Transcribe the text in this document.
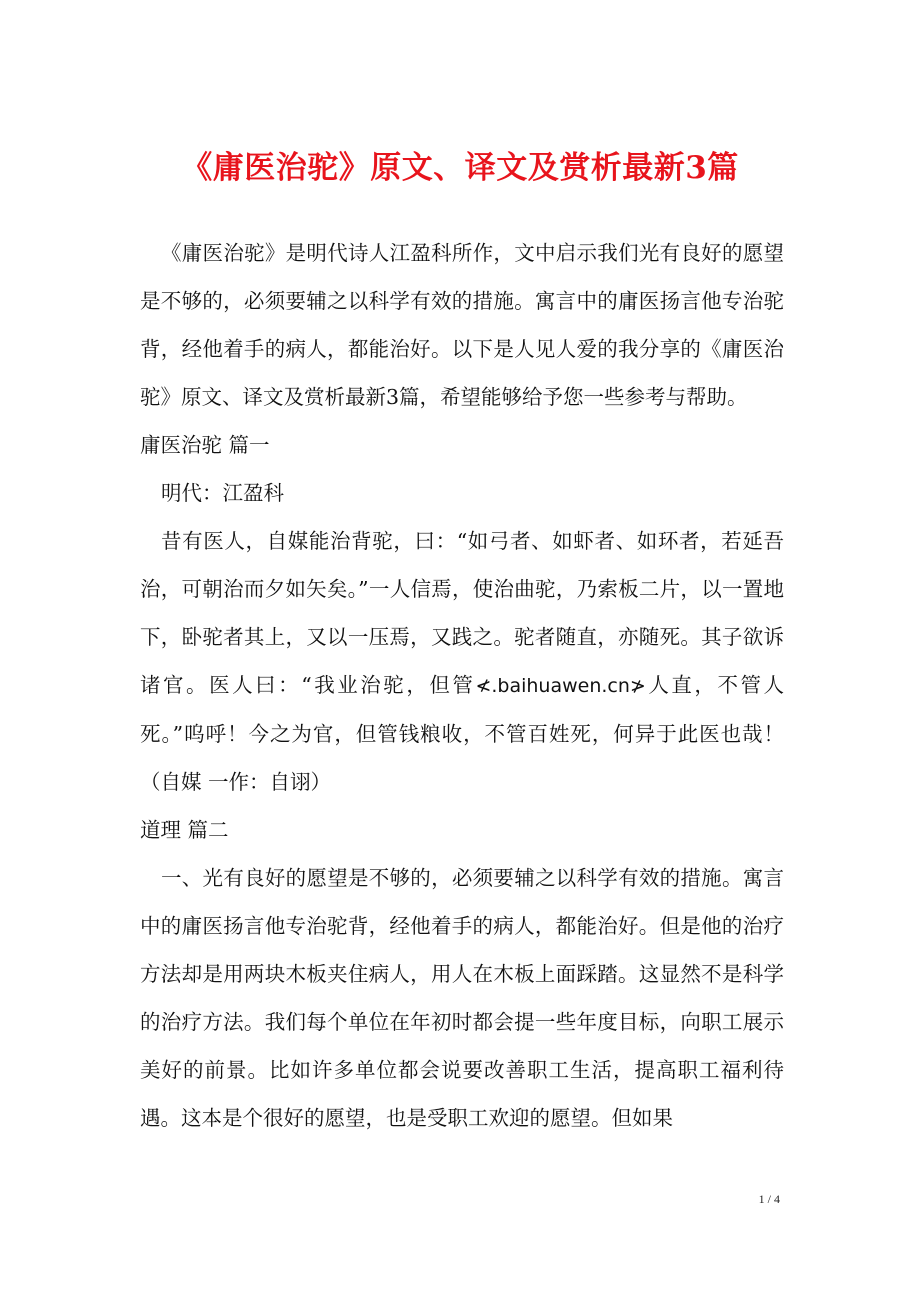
《庸医治驼》原文、译文及赏析最新3篇

《庸医治驼》是明代诗人江盈科所作，文中启示我们光有良好的愿望是不够的，必须要辅之以科学有效的措施。寓言中的庸医扬言他专治驼背，经他着手的病人，都能治好。以下是人见人爱的我分享的《庸医治驼》原文、译文及赏析最新3篇，希望能够给予您一些参考与帮助。

庸医治驼 篇一

明代：江盈科

昔有医人，自媒能治背驼，曰：“如弓者、如虾者、如环者，若延吾治，可朝治而夕如矢矣。”一人信焉，使治曲驼，乃索板二片，以一置地下，卧驼者其上，又以一压焉，又践之。驼者随直，亦随死。其子欲诉诸官。医人曰：“我业治驼，但管≮.baihuawen.cn≯人直，不管人死。”呜呼！今之为官，但管钱粮收，不管百姓死，何异于此医也哉！（自媒 一作：自诩）

道理 篇二

一、光有良好的愿望是不够的，必须要辅之以科学有效的措施。寓言中的庸医扬言他专治驼背，经他着手的病人，都能治好。但是他的治疗方法却是用两块木板夹住病人，用人在木板上面踩踏。这显然不是科学的治疗方法。我们每个单位在年初时都会提一些年度目标，向职工展示美好的前景。比如许多单位都会说要改善职工生活，提高职工福利待遇。这本是个很好的愿望，也是受职工欢迎的愿望。但如果

1 / 4
